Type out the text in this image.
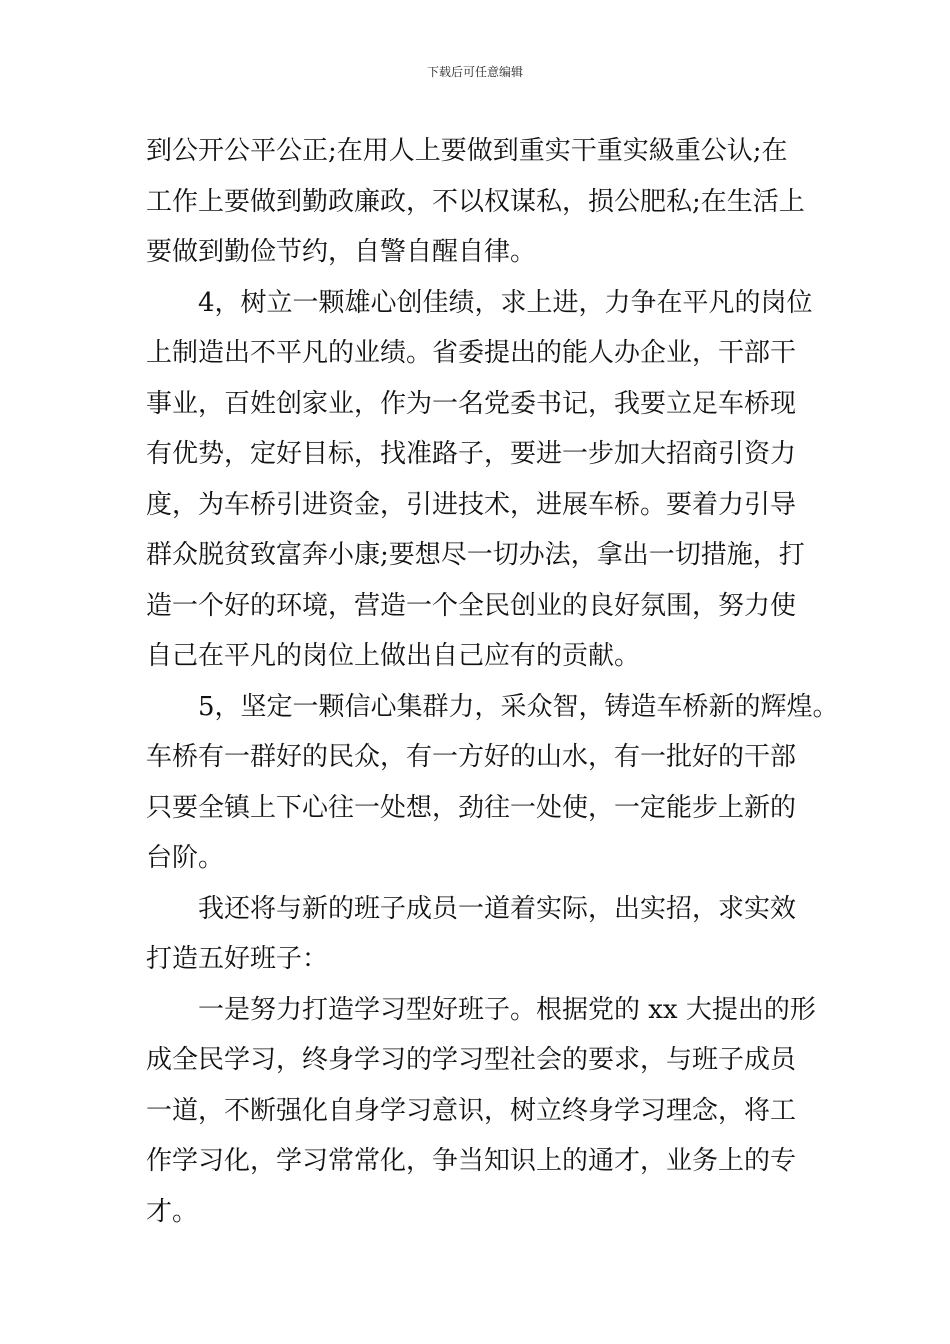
下载后可任意编辑
到公开公平公正;在用人上要做到重实干重实級重公认;在
工作上要做到勤政廉政，不以权谋私，损公肥私;在生活上
要做到勤俭节约，自警自醒自律。
　　4，树立一颗雄心创佳绩，求上进，力争在平凡的岗位
上制造出不平凡的业绩。省委提出的能人办企业，干部干
事业，百姓创家业，作为一名党委书记，我要立足车桥现
有优势，定好目标，找准路子，要进一步加大招商引资力
度，为车桥引进资金，引进技术，进展车桥。要着力引导
群众脱贫致富奔小康;要想尽一切办法，拿出一切措施，打
造一个好的环境，营造一个全民创业的良好氛围，努力使
自己在平凡的岗位上做出自己应有的贡献。
　　5，坚定一颗信心集群力，采众智，铸造车桥新的辉煌。
车桥有一群好的民众，有一方好的山水，有一批好的干部
只要全镇上下心往一处想，劲往一处使，一定能步上新的
台阶。
　　我还将与新的班子成员一道着实际，出实招，求实效
打造五好班子：
　　一是努力打造学习型好班子。根据党的 xx 大提出的形
成全民学习，终身学习的学习型社会的要求，与班子成员
一道，不断强化自身学习意识，树立终身学习理念，将工
作学习化，学习常常化，争当知识上的通才，业务上的专
才。
